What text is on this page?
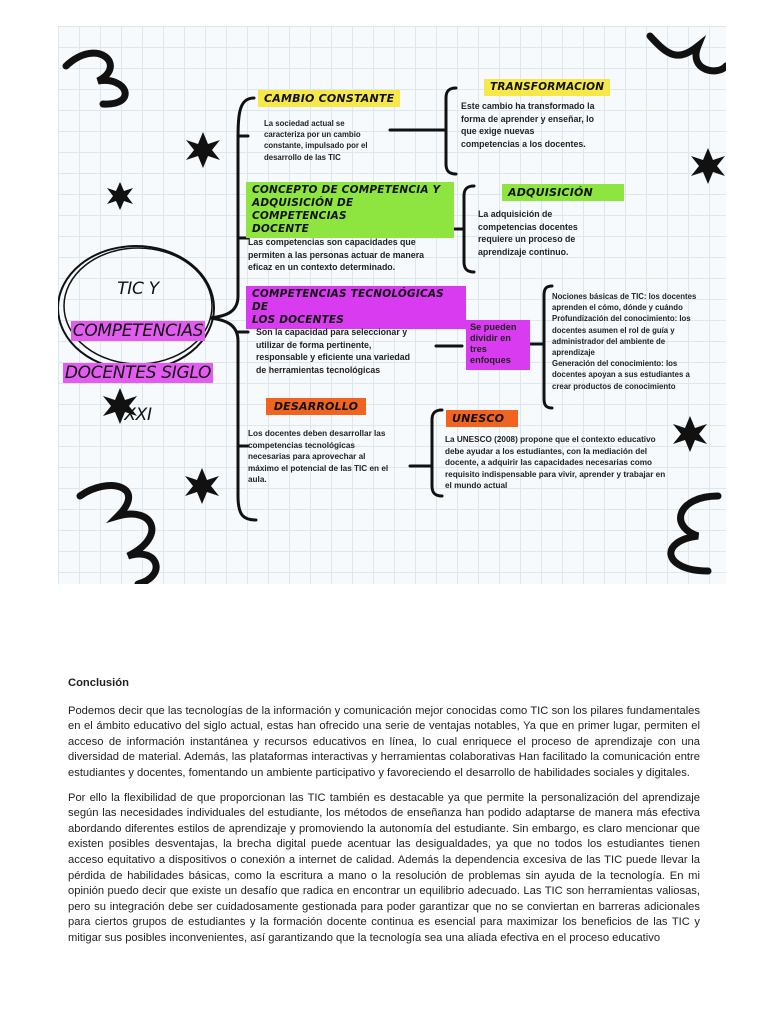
TIC Y

COMPETENCIAS

DOCENTES SIGLO

XXI

CAMBIO CONSTANTE
La sociedad actual se
caracteriza por un cambio
constante, impulsado por el
desarrollo de las TIC
TRANSFORMACION
Este cambio ha transformado la
forma de aprender y enseñar, lo
que exige nuevas
competencias a los docentes.
CONCEPTO DE COMPETENCIA Y
ADQUISICIÓN DE COMPETENCIAS
DOCENTE
Las competencias son capacidades que
permiten a las personas actuar de manera
eficaz en un contexto determinado.
ADQUISICIÓN
La adquisición de
competencias docentes
requiere un proceso de
aprendizaje continuo.
COMPETENCIAS TECNOLÓGICAS DE
LOS DOCENTES
Son la capacidad para seleccionar y
utilizar de forma pertinente,
responsable y eficiente una variedad
de herramientas tecnológicas
Se pueden
dividir en
tres
enfoques
Nociones básicas de TIC: los docentes
aprenden el cómo, dónde y cuándo
Profundización del conocimiento: los
docentes asumen el rol de guía y
administrador del ambiente de
aprendizaje
Generación del conocimiento: los
docentes apoyan a sus estudiantes a
crear productos de conocimiento
DESARROLLO
Los docentes deben desarrollar las
competencias tecnológicas
necesarias para aprovechar al
máximo el potencial de las TIC en el
aula.
UNESCO
La UNESCO (2008) propone que el contexto educativo
debe ayudar a los estudiantes, con la mediación del
docente, a adquirir las capacidades necesarias como
requisito indispensable para vivir, aprender y trabajar en
el mundo actual
Conclusión

Podemos decir que las tecnologías de la información y comunicación mejor conocidas como TIC son los pilares fundamentales en el ámbito educativo del siglo actual, estas han ofrecido una serie de ventajas notables, Ya que en primer lugar, permiten el acceso de información instantánea y recursos educativos en línea, lo cual enriquece el proceso de aprendizaje con una diversidad de material. Además, las plataformas interactivas y herramientas colaborativas Han facilitado la comunicación entre estudiantes y docentes, fomentando un ambiente participativo y favoreciendo el desarrollo de habilidades sociales y digitales.

Por ello la flexibilidad de que proporcionan las TIC también es destacable ya que permite la personalización del aprendizaje según las necesidades individuales del estudiante, los métodos de enseñanza han podido adaptarse de manera más efectiva abordando diferentes estilos de aprendizaje y promoviendo la autonomía del estudiante. Sin embargo, es claro mencionar que existen posibles desventajas, la brecha digital puede acentuar las desigualdades, ya que no todos los estudiantes tienen acceso equitativo a dispositivos o conexión a internet de calidad. Además la dependencia excesiva de las TIC puede llevar la pérdida de habilidades básicas, como la escritura a mano o la resolución de problemas sin ayuda de la tecnología. En mi opinión puedo decir que existe un desafío que radica en encontrar un equilibrio adecuado. Las TIC son herramientas valiosas, pero su integración debe ser cuidadosamente gestionada para poder garantizar que no se conviertan en barreras adicionales para ciertos grupos de estudiantes y la formación docente continua es esencial para maximizar los beneficios de las TIC y mitigar sus posibles inconvenientes, así garantizando que la tecnología sea una aliada efectiva en el proceso educativo
